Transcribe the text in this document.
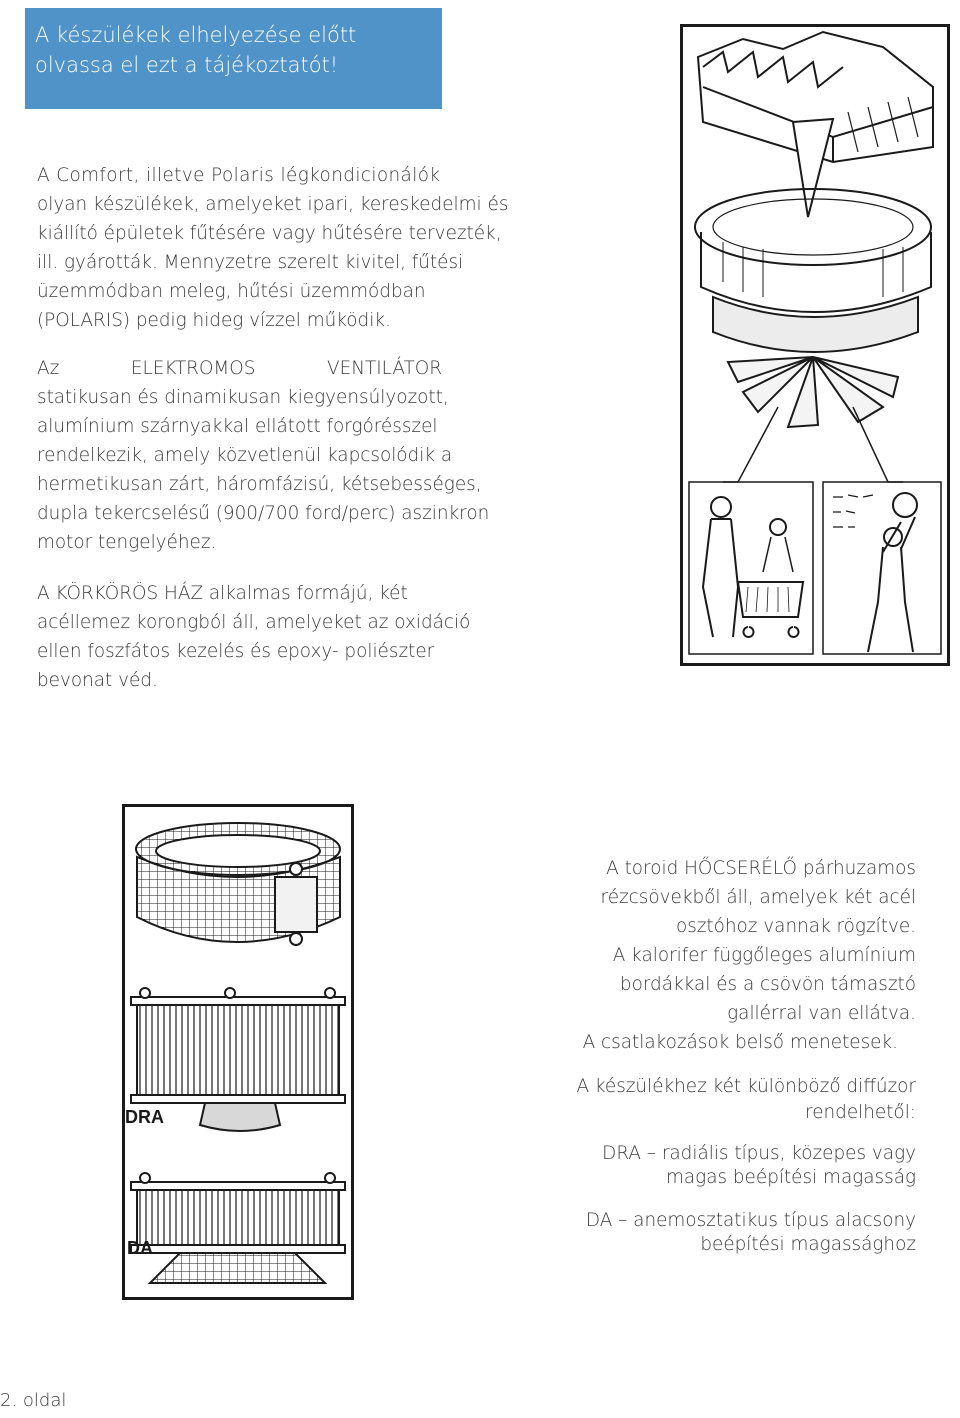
A készülékek elhelyezése előtt
olvassa el ezt a tájékoztatót!
A Comfort, illetve Polaris légkondicionálók
olyan készülékek, amelyeket ipari, kereskedelmi és
kiállító épületek fűtésére vagy hűtésére tervezték,
ill. gyárották. Mennyzetre szerelt kivitel, fűtési
üzemmódban meleg, hűtési üzemmódban
(POLARIS) pedig hideg vízzel működik.
Az	ELEKTROMOS	VENTILÁTOR
statikusan és dinamikusan kiegyensúlyozott,
alumínium szárnyakkal ellátott forgórésszel
rendelkezik, amely közvetlenül kapcsolódik a
hermetikusan zárt, háromfázisú, kétsebességes,
dupla tekercselésű (900/700 ford/perc) aszinkron
motor tengelyéhez.
A KÖRKÖRÖS HÁZ alkalmas formájú, két
acéllemez korongból áll, amelyeket az oxidáció
ellen foszfátos kezelés és epoxy- poliészter
bevonat véd.
DRA
DA
A toroid HŐCSERÉLŐ párhuzamos
rézcsövekből áll, amelyek két acél
osztóhoz vannak rögzítve.
A kalorifer függőleges alumínium
bordákkal és a csövön támasztó
gallérral van ellátva.
A csatlakozások belső menetesek.
A készülékhez két különböző diffúzor
rendelhetől:
DRA – radiális típus, közepes vagy
magas beépítési magasság
DA – anemosztatikus típus alacsony
beépítési magassághoz
2. oldal
